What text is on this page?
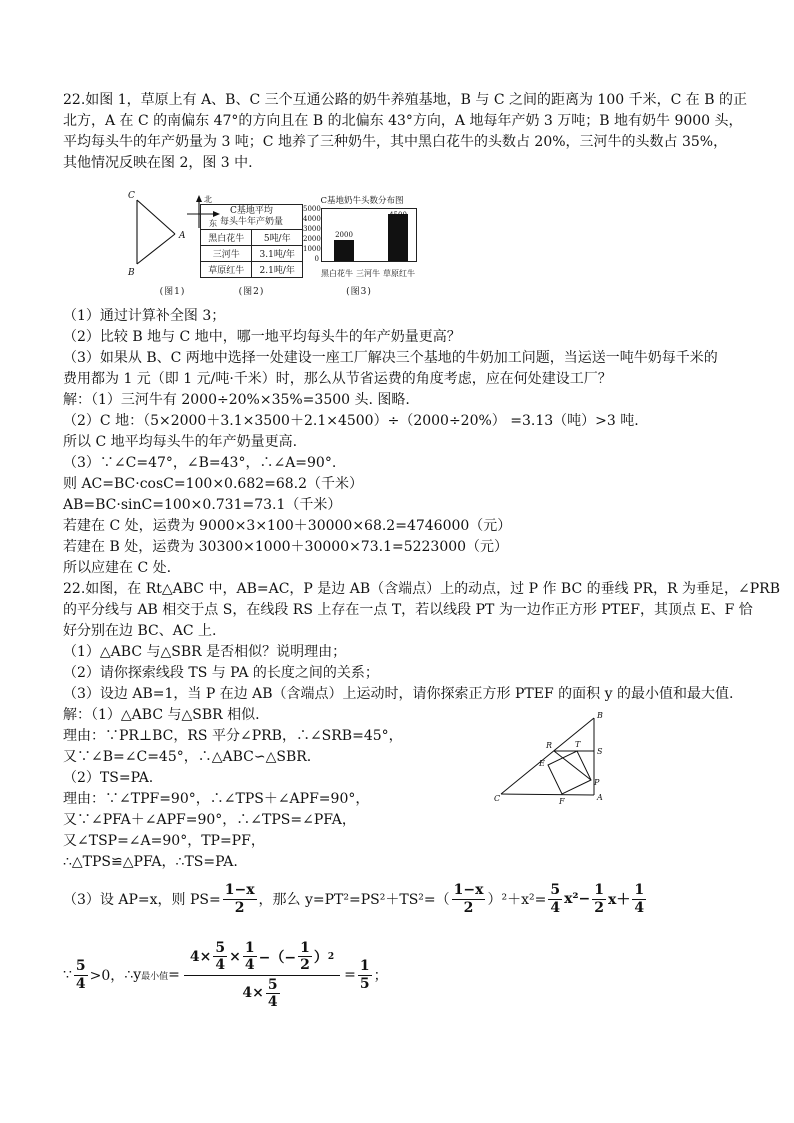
22.如图 1，草原上有 A、B、C 三个互通公路的奶牛养殖基地，B 与 C 之间的距离为 100 千米，C 在 B 的正
北方，A 在 C 的南偏东 47°的方向且在 B 的北偏东 43°方向，A 地每年产奶 3 万吨；B 地有奶牛 9000 头，
平均每头牛的年产奶量为 3 吨；C 地养了三种奶牛，其中黑白花牛的头数占 20%，三河牛的头数占 35%，
其他情况反映在图 2，图 3 中.
C
B
A
北
东
(图1)
C基地平均
每头牛年产奶量	

黑白花牛	5吨/年
三河牛	3.1吨/年
草原红牛	2.1吨/年
(图2)
C基地奶牛头数分布图
5000
4000
3000
2000
1000
0
2000
4500
黑白花牛 三河牛 草原红牛
(图3)
（1）通过计算补全图 3；
（2）比较 B 地与 C 地中，哪一地平均每头牛的年产奶量更高？
（3）如果从 B、C 两地中选择一处建设一座工厂解决三个基地的牛奶加工问题，当运送一吨牛奶每千米的
费用都为 1 元（即 1 元/吨·千米）时，那么从节省运费的角度考虑，应在何处建设工厂？
解：（1）三河牛有 2000÷20%×35%=3500 头. 图略.
（2）C 地：（5×2000＋3.1×3500＋2.1×4500）÷（2000÷20%） =3.13（吨）>3 吨.
所以 C 地平均每头牛的年产奶量更高.
（3）∵∠C=47°，∠B=43°，∴∠A=90°.
则 AC=BC·cosC=100×0.682=68.2（千米）
AB=BC·sinC=100×0.731=73.1（千米）
若建在 C 处，运费为 9000×3×100＋30000×68.2=4746000（元）
若建在 B 处，运费为 30300×1000＋30000×73.1=5223000（元）
所以应建在 C 处.
22.如图，在 Rt△ABC 中，AB=AC，P 是边 AB（含端点）上的动点，过 P 作 BC 的垂线 PR，R 为垂足，∠PRB
的平分线与 AB 相交于点 S，在线段 RS 上存在一点 T，若以线段 PT 为一边作正方形 PTEF，其顶点 E、F 恰
好分别在边 BC、AC 上.
（1）△ABC 与△SBR 是否相似？说明理由；
（2）请你探索线段 TS 与 PA 的长度之间的关系；
（3）设边 AB=1，当 P 在边 AB（含端点）上运动时，请你探索正方形 PTEF 的面积 y 的最小值和最大值.
解：（1）△ABC 与△SBR 相似.
理由：∵PR⊥BC，RS 平分∠PRB，∴∠SRB=45°，
又∵∠B=∠C=45°，∴△ABC∽△SBR.
（2）TS=PA.
理由：∵∠TPF=90°，∴∠TPS＋∠APF=90°，
又∵∠PFA＋∠APF=90°，∴∠TPS=∠PFA，
又∠TSP=∠A=90°，TP=PF，
∴△TPS≌△PFA，∴TS=PA.
（3）设 AP=x，则 $PS= \frac{1-x}{2}$ ，那么 $y=PT^2=PS^2+TS^2=( \frac{1-x}{2} )^2+x^2= \frac{5}{4} x^2- \frac{1}{2} x+ \frac{1}{4}$
∵ $\frac{5}{4} >0$， ∴y 最小值 =
$4\times \frac{5}{4} \times \frac{1}{4}$ −（− $\frac{1}{2}$ ） 2
$4\times \frac{5}{4}$
= $\frac{1}{5}$ ；
B
S
T
R
E
P
A
C	F
